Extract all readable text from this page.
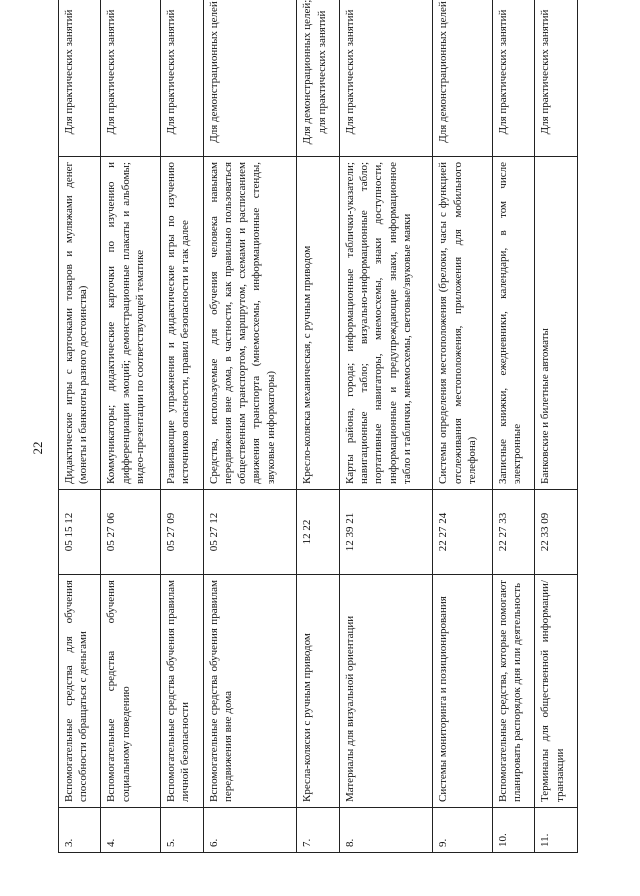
22
3.	Вспомогательные средства для обучения способности обращаться с деньгами	05 15 12	Дидактические игры с карточками товаров и муляжами денег (монеты и банкноты разного достоинства)	Для практических занятий
4.	Вспомогательные средства обучения социальному поведению	05 27 06	Коммуникаторы; дидактические карточки по изучению и дифференциации эмоций; демонстрационные плакаты и альбомы; видео-презентации по соответствующей тематике	Для практических занятий
5.	Вспомогательные средства обучения правилам личной безопасности	05 27 09	Развивающие упражнения и дидактические игры по изучению источников опасности, правил безопасности и так далее	Для практических занятий
6.	Вспомогательные средства обучения правилам передвижения вне дома	05 27 12	Средства, используемые для обучения человека навыкам передвижения вне дома, в частности, как правильно пользоваться общественным транспортом, маршрутом, схемами и расписанием движения транспорта (мнемосхемы, информационные стенды, звуковые информаторы)	Для демонстрационных целей
7.	Кресла-коляски с ручным приводом	12 22	Кресло-коляска механическая, с ручным приводом	Для демонстрационных целей; для практических занятий
8.	Материалы для визуальной ориентации	12 39 21	Карты района, города; информационные таблички-указатели; навигационные табло; визуально-информационные табло; портативные навигаторы, мнемосхемы, знаки доступности, информационные и предупреждающие знаки, информационное табло и таблички, мнемосхемы, световые/звуковые маяки	Для практических занятий
9.	Системы мониторинга и позиционирования	22 27 24	Системы определения местоположения (брелоки, часы с функцией отслеживания местоположения, приложения для мобильного телефона)	Для демонстрационных целей
10.	Вспомогательные средства, которые помогают планировать распорядок дня или деятельность	22 27 33	Записные книжки, ежедневники, календари, в том числе электронные	Для практических занятий
11.	Терминалы для общественной информации/транзакции	22 33 09	Банковские и билетные автоматы	Для практических занятий
